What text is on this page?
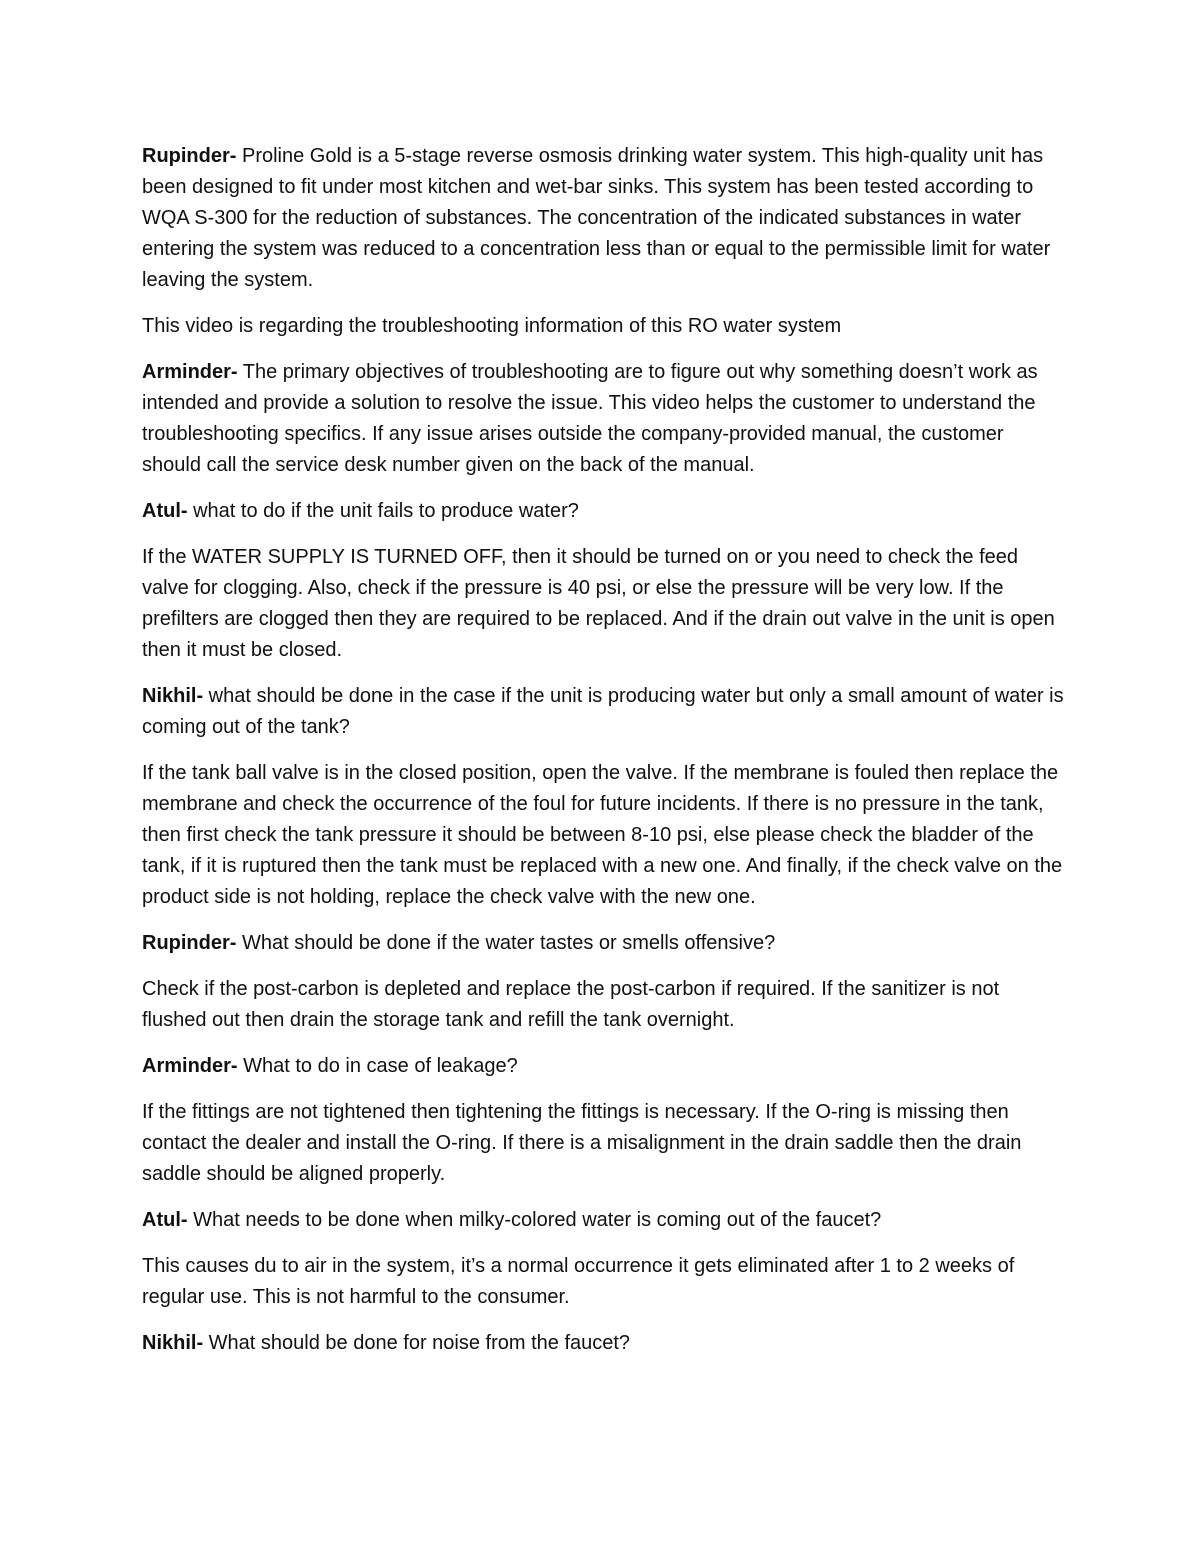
Rupinder- Proline Gold is a 5-stage reverse osmosis drinking water system. This high-quality unit has been designed to fit under most kitchen and wet-bar sinks. This system has been tested according to WQA S-300 for the reduction of substances. The concentration of the indicated substances in water entering the system was reduced to a concentration less than or equal to the permissible limit for water leaving the system.

This video is regarding the troubleshooting information of this RO water system

Arminder- The primary objectives of troubleshooting are to figure out why something doesn’t work as intended and provide a solution to resolve the issue. This video helps the customer to understand the troubleshooting specifics. If any issue arises outside the company-provided manual, the customer should call the service desk number given on the back of the manual.

Atul- what to do if the unit fails to produce water?

If the WATER SUPPLY IS TURNED OFF, then it should be turned on or you need to check the feed valve for clogging. Also, check if the pressure is 40 psi, or else the pressure will be very low. If the prefilters are clogged then they are required to be replaced. And if the drain out valve in the unit is open then it must be closed.

Nikhil- what should be done in the case if the unit is producing water but only a small amount of water is coming out of the tank?

If the tank ball valve is in the closed position, open the valve. If the membrane is fouled then replace the membrane and check the occurrence of the foul for future incidents. If there is no pressure in the tank, then first check the tank pressure it should be between 8-10 psi, else please check the bladder of the tank, if it is ruptured then the tank must be replaced with a new one. And finally, if the check valve on the product side is not holding, replace the check valve with the new one.

Rupinder- What should be done if the water tastes or smells offensive?

Check if the post-carbon is depleted and replace the post-carbon if required. If the sanitizer is not flushed out then drain the storage tank and refill the tank overnight.

Arminder- What to do in case of leakage?

If the fittings are not tightened then tightening the fittings is necessary. If the O-ring is missing then contact the dealer and install the O-ring. If there is a misalignment in the drain saddle then the drain saddle should be aligned properly.

Atul- What needs to be done when milky-colored water is coming out of the faucet?

This causes du to air in the system, it’s a normal occurrence it gets eliminated after 1 to 2 weeks of regular use. This is not harmful to the consumer.

Nikhil- What should be done for noise from the faucet?
